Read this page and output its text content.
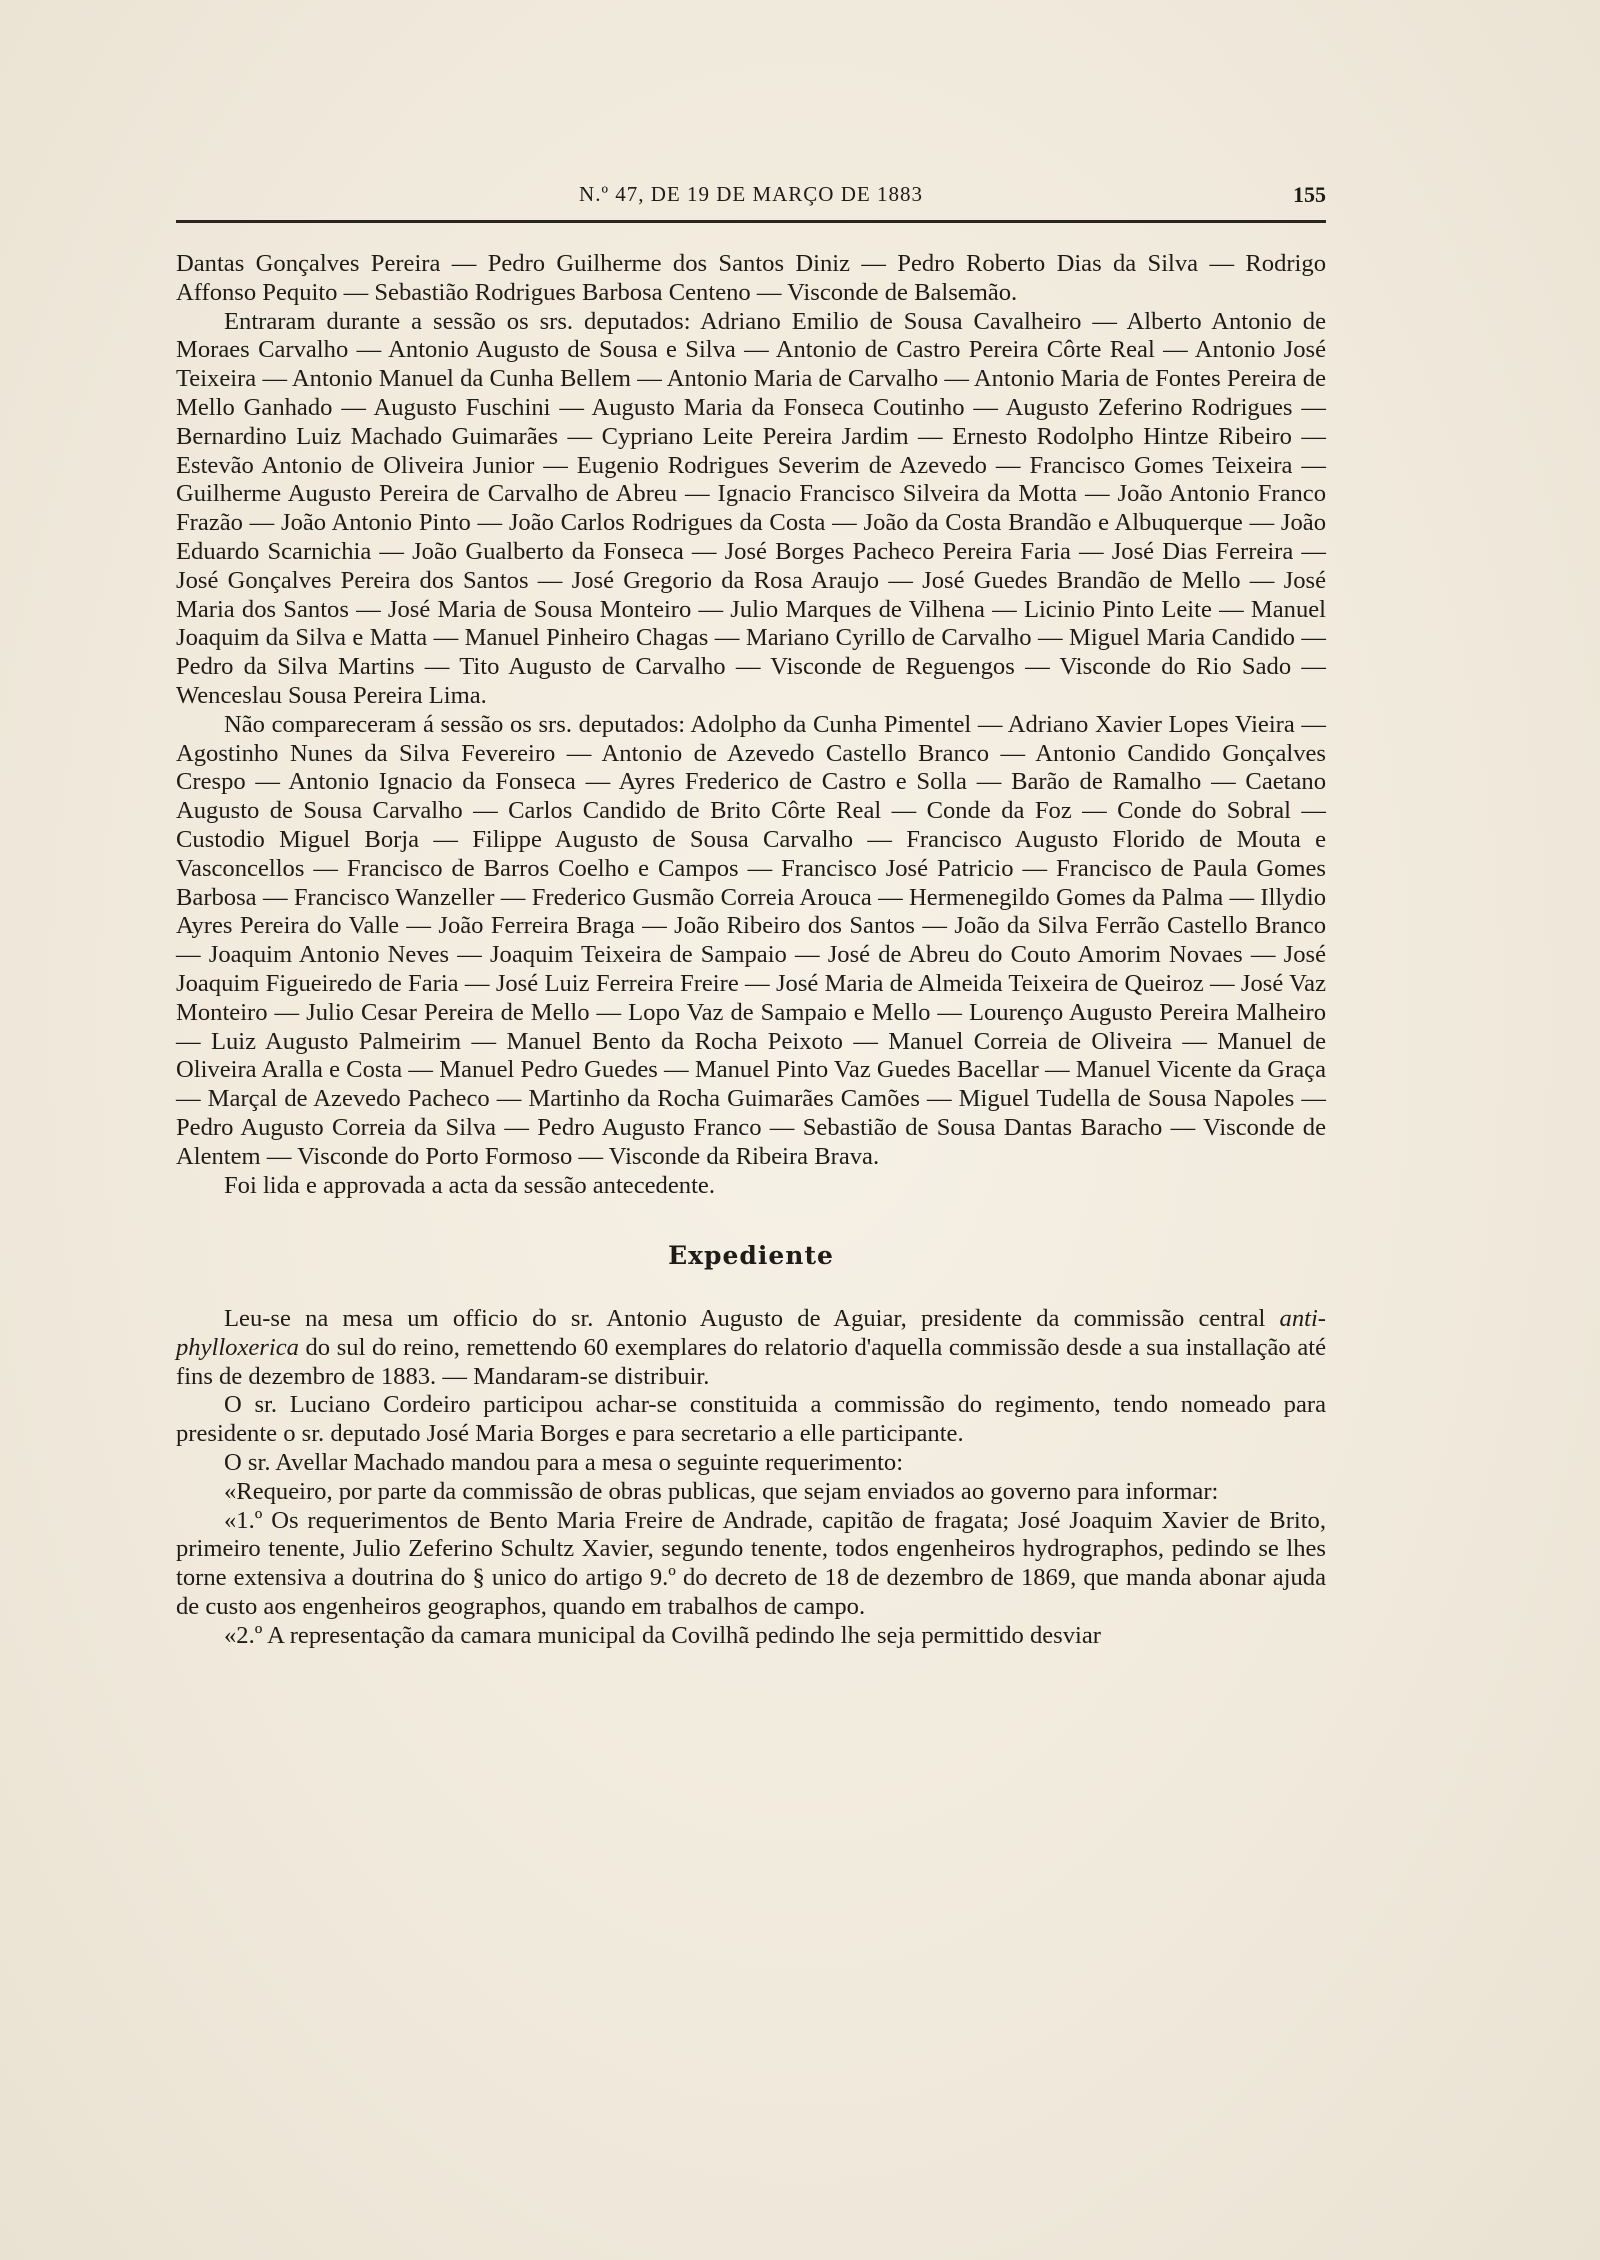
N.º 47, DE 19 DE MARÇO DE 1883	155

Dantas Gonçalves Pereira — Pedro Guilherme dos Santos Diniz — Pedro Roberto Dias da Silva — Rodrigo Affonso Pequito — Sebastião Rodrigues Barbosa Centeno — Visconde de Balsemão.

Entraram durante a sessão os srs. deputados: Adriano Emilio de Sousa Cavalheiro — Alberto Antonio de Moraes Carvalho — Antonio Augusto de Sousa e Silva — Antonio de Castro Pereira Côrte Real — Antonio José Teixeira — Antonio Manuel da Cunha Bellem — Antonio Maria de Carvalho — Antonio Maria de Fontes Pereira de Mello Ganhado — Augusto Fuschini — Augusto Maria da Fonseca Coutinho — Augusto Zeferino Rodrigues — Bernardino Luiz Machado Guimarães — Cypriano Leite Pereira Jardim — Ernesto Rodolpho Hintze Ribeiro — Estevão Antonio de Oliveira Junior — Eugenio Rodrigues Severim de Azevedo — Francisco Gomes Teixeira — Guilherme Augusto Pereira de Carvalho de Abreu — Ignacio Francisco Silveira da Motta — João Antonio Franco Frazão — João Antonio Pinto — João Carlos Rodrigues da Costa — João da Costa Brandão e Albuquerque — João Eduardo Scarnichia — João Gualberto da Fonseca — José Borges Pacheco Pereira Faria — José Dias Ferreira — José Gonçalves Pereira dos Santos — José Gregorio da Rosa Araujo — José Guedes Brandão de Mello — José Maria dos Santos — José Maria de Sousa Monteiro — Julio Marques de Vilhena — Licinio Pinto Leite — Manuel Joaquim da Silva e Matta — Manuel Pinheiro Chagas — Mariano Cyrillo de Carvalho — Miguel Maria Candido — Pedro da Silva Martins — Tito Augusto de Carvalho — Visconde de Reguengos — Visconde do Rio Sado — Wenceslau Sousa Pereira Lima.

Não compareceram á sessão os srs. deputados: Adolpho da Cunha Pimentel — Adriano Xavier Lopes Vieira — Agostinho Nunes da Silva Fevereiro — Antonio de Azevedo Castello Branco — Antonio Candido Gonçalves Crespo — Antonio Ignacio da Fonseca — Ayres Frederico de Castro e Solla — Barão de Ramalho — Caetano Augusto de Sousa Carvalho — Carlos Candido de Brito Côrte Real — Conde da Foz — Conde do Sobral — Custodio Miguel Borja — Filippe Augusto de Sousa Carvalho — Francisco Augusto Florido de Mouta e Vasconcellos — Francisco de Barros Coelho e Campos — Francisco José Patricio — Francisco de Paula Gomes Barbosa — Francisco Wanzeller — Frederico Gusmão Correia Arouca — Hermenegildo Gomes da Palma — Illydio Ayres Pereira do Valle — João Ferreira Braga — João Ribeiro dos Santos — João da Silva Ferrão Castello Branco — Joaquim Antonio Neves — Joaquim Teixeira de Sampaio — José de Abreu do Couto Amorim Novaes — José Joaquim Figueiredo de Faria — José Luiz Ferreira Freire — José Maria de Almeida Teixeira de Queiroz — José Vaz Monteiro — Julio Cesar Pereira de Mello — Lopo Vaz de Sampaio e Mello — Lourenço Augusto Pereira Malheiro — Luiz Augusto Palmeirim — Manuel Bento da Rocha Peixoto — Manuel Correia de Oliveira — Manuel de Oliveira Aralla e Costa — Manuel Pedro Guedes — Manuel Pinto Vaz Guedes Bacellar — Manuel Vicente da Graça — Marçal de Azevedo Pacheco — Martinho da Rocha Guimarães Camões — Miguel Tudella de Sousa Napoles — Pedro Augusto Correia da Silva — Pedro Augusto Franco — Sebastião de Sousa Dantas Baracho — Visconde de Alentem — Visconde do Porto Formoso — Visconde da Ribeira Brava.

Foi lida e approvada a acta da sessão antecedente.

Expediente

Leu-se na mesa um officio do sr. Antonio Augusto de Aguiar, presidente da commissão central anti-phylloxerica do sul do reino, remettendo 60 exemplares do relatorio d'aquella commissão desde a sua installação até fins de dezembro de 1883. — Mandaram-se distribuir.

O sr. Luciano Cordeiro participou achar-se constituida a commissão do regimento, tendo nomeado para presidente o sr. deputado José Maria Borges e para secretario a elle participante.

O sr. Avellar Machado mandou para a mesa o seguinte requerimento:

«Requeiro, por parte da commissão de obras publicas, que sejam enviados ao governo para informar:

«1.º Os requerimentos de Bento Maria Freire de Andrade, capitão de fragata; José Joaquim Xavier de Brito, primeiro tenente, Julio Zeferino Schultz Xavier, segundo tenente, todos engenheiros hydrographos, pedindo se lhes torne extensiva a doutrina do § unico do artigo 9.º do decreto de 18 de dezembro de 1869, que manda abonar ajuda de custo aos engenheiros geographos, quando em trabalhos de campo.

«2.º A representação da camara municipal da Covilhã pedindo lhe seja permittido desviar
